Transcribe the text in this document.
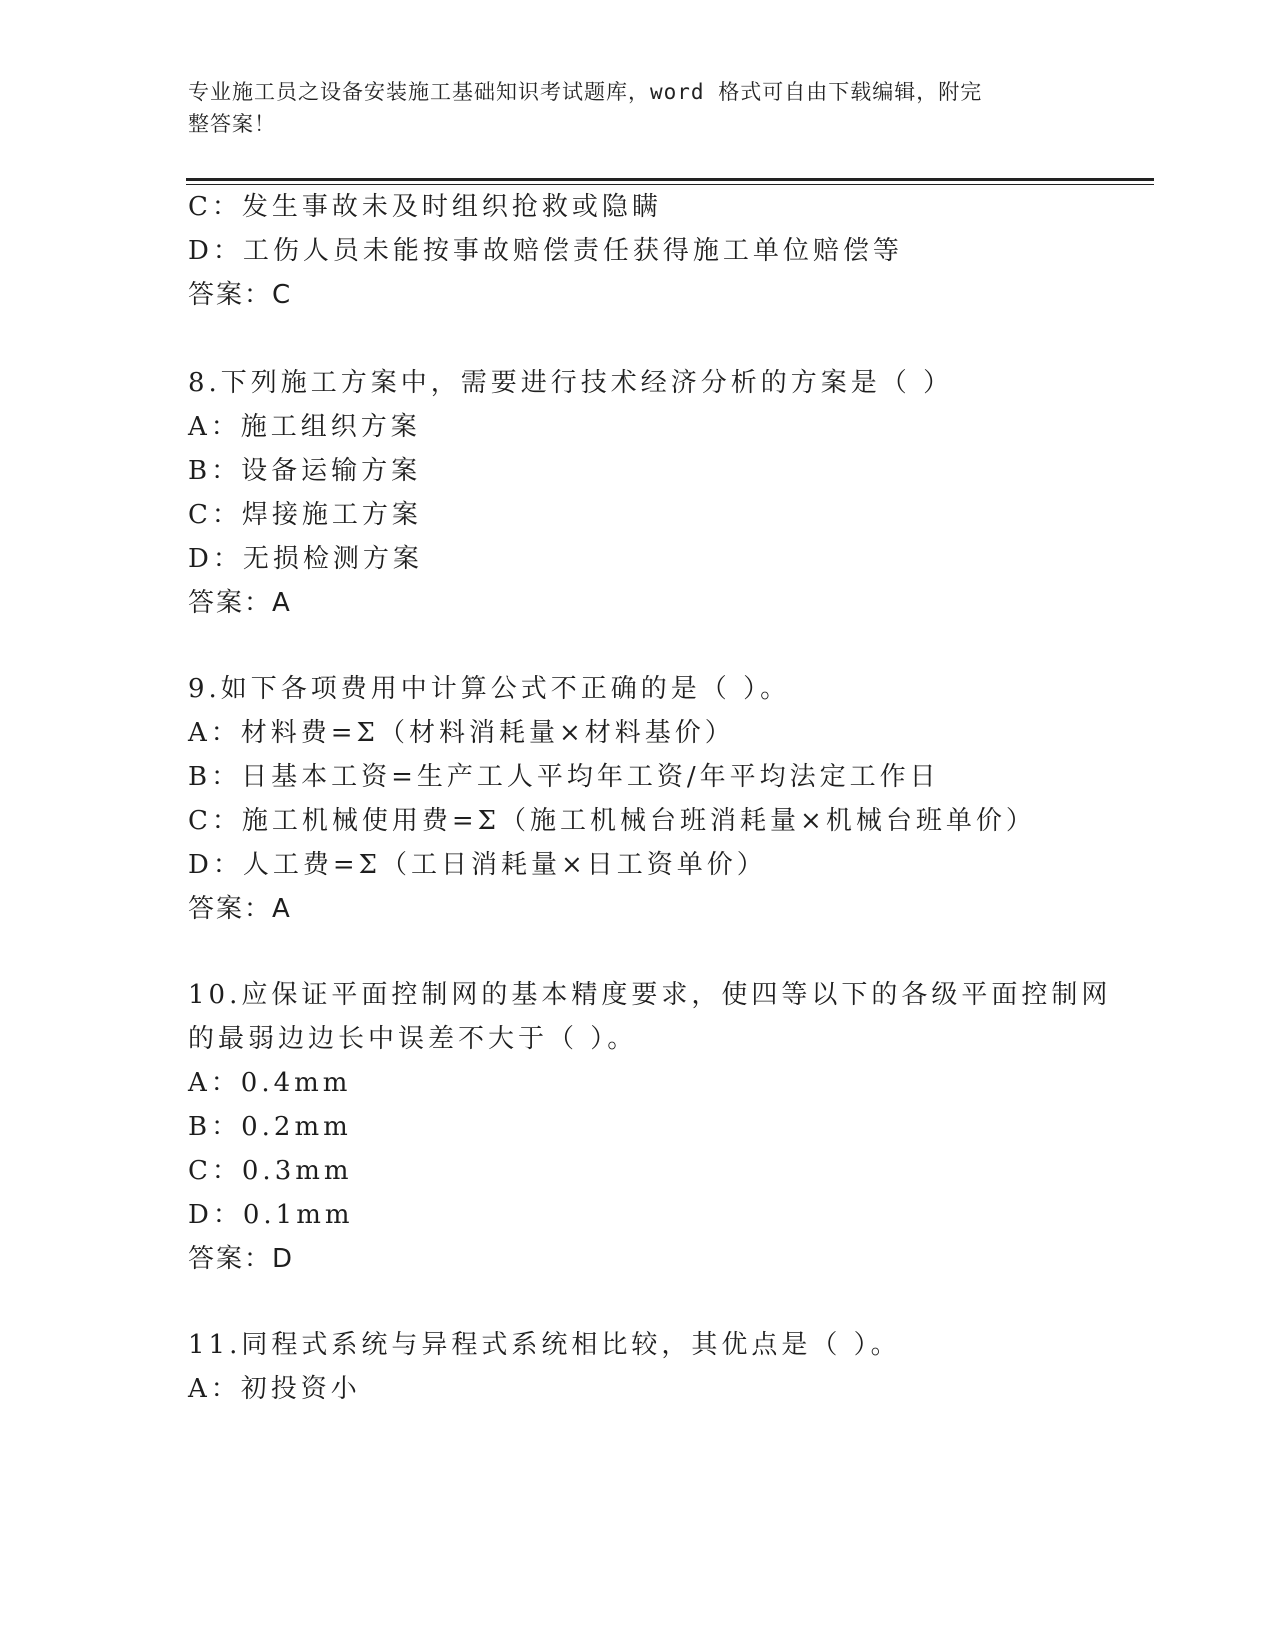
专业施工员之设备安装施工基础知识考试题库，word 格式可自由下载编辑，附完
整答案！
C：发生事故未及时组织抢救或隐瞒
D：工伤人员未能按事故赔偿责任获得施工单位赔偿等
答案：C
8.下列施工方案中，需要进行技术经济分析的方案是（ ）
A：施工组织方案
B：设备运输方案
C：焊接施工方案
D：无损检测方案
答案：A
9.如下各项费用中计算公式不正确的是（ ）。
A：材料费=Σ（材料消耗量×材料基价）
B：日基本工资=生产工人平均年工资/年平均法定工作日
C：施工机械使用费=Σ（施工机械台班消耗量×机械台班单价）
D：人工费=Σ（工日消耗量×日工资单价）
答案：A
10.应保证平面控制网的基本精度要求，使四等以下的各级平面控制网
的最弱边边长中误差不大于（ ）。
A：0.4mm
B：0.2mm
C：0.3mm
D：0.1mm
答案：D
11.同程式系统与异程式系统相比较，其优点是（ ）。
A：初投资小
